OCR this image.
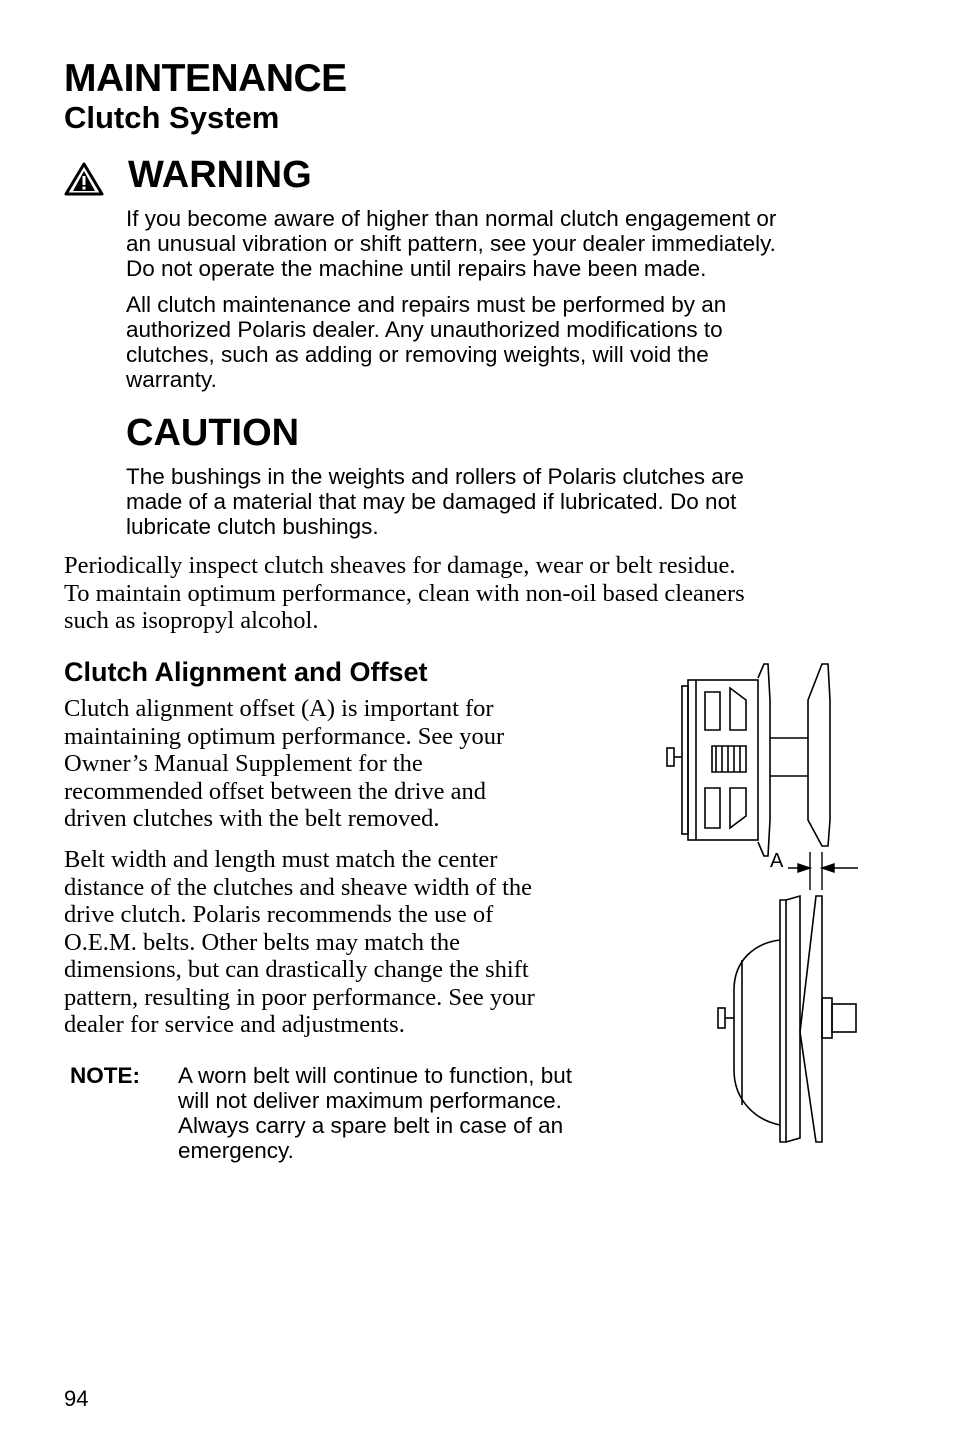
MAINTENANCE
Clutch System
WARNING
If you become aware of higher than normal clutch engagement or
an unusual vibration or shift pattern, see your dealer immediately.
Do not operate the machine until repairs have been made.
All clutch maintenance and repairs must be performed by an
authorized Polaris dealer. Any unauthorized modifications to
clutches, such as adding or removing weights, will void the
warranty.
CAUTION
The bushings in the weights and rollers of Polaris clutches are
made of a material that may be damaged if lubricated. Do not
lubricate clutch bushings.
Periodically inspect clutch sheaves for damage, wear or belt residue.
To maintain optimum performance, clean with non-oil based cleaners
such as isopropyl alcohol.
Clutch Alignment and Offset
Clutch alignment offset (A) is important for
maintaining optimum performance. See your
Owner’s Manual Supplement for the
recommended offset between the drive and
driven clutches with the belt removed.
Belt width and length must match the center
distance of the clutches and sheave width of the
drive clutch. Polaris recommends the use of
O.E.M. belts. Other belts may match the
dimensions, but can drastically change the shift
pattern, resulting in poor performance. See your
dealer for service and adjustments.
NOTE: A worn belt will continue to function, but
will not deliver maximum performance.
Always carry a spare belt in case of an
emergency.
A
94
